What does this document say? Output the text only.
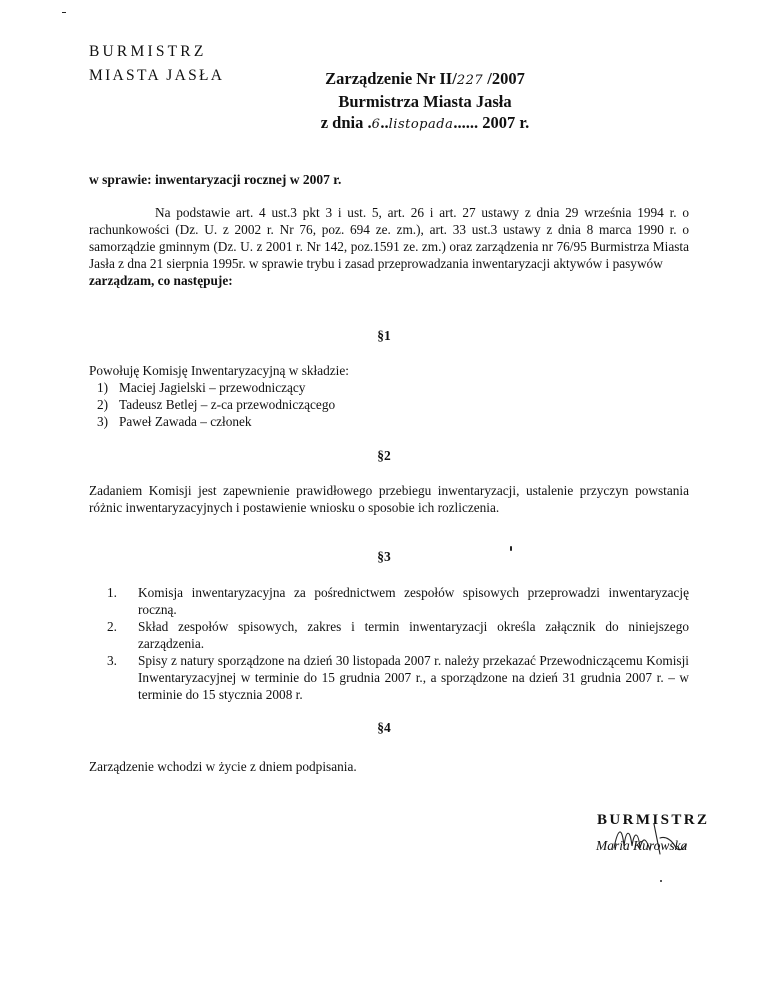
BURMISTRZ
MIASTA JASŁA	Zarządzenie Nr II/227 /2007
Burmistrza Miasta Jasła
z dnia .6..listopada...... 2007 r.
w sprawie: inwentaryzacji rocznej w 2007 r.

Na podstawie art. 4 ust.3 pkt 3 i ust. 5, art. 26 i art. 27 ustawy z dnia 29 września 1994 r. o rachunkowości (Dz. U. z 2002 r. Nr 76, poz. 694 ze. zm.), art. 33 ust.3 ustawy z dnia 8 marca 1990 r. o samorządzie gminnym (Dz. U. z 2001 r. Nr 142, poz.1591 ze. zm.) oraz zarządzenia nr 76/95 Burmistrza Miasta Jasła z dna 21 sierpnia 1995r. w sprawie trybu i zasad przeprowadzania inwentaryzacji aktywów i pasywów

zarządzam, co następuje:
§1
Powołuję Komisję Inwentaryzacyjną w składzie:
1) Maciej Jagielski – przewodniczący
2) Tadeusz Betlej – z-ca przewodniczącego
3) Paweł Zawada – członek
§2
Zadaniem Komisji jest zapewnienie prawidłowego przebiegu inwentaryzacji, ustalenie przyczyn powstania różnic inwentaryzacyjnych i postawienie wniosku o sposobie ich rozliczenia.
§3
1. Komisja inwentaryzacyjna za pośrednictwem zespołów spisowych przeprowadzi inwentaryzację roczną.
2. Skład zespołów spisowych, zakres i termin inwentaryzacji określa załącznik do niniejszego zarządzenia.
3. Spisy z natury sporządzone na dzień 30 listopada 2007 r. należy przekazać Przewodniczącemu Komisji Inwentaryzacyjnej w terminie do 15 grudnia 2007 r., a sporządzone na dzień 31 grudnia 2007 r. – w terminie do 15 stycznia 2008 r.
§4
Zarządzenie wchodzi w życie z dniem podpisania.
BURMISTRZ
Maria Kurowska
